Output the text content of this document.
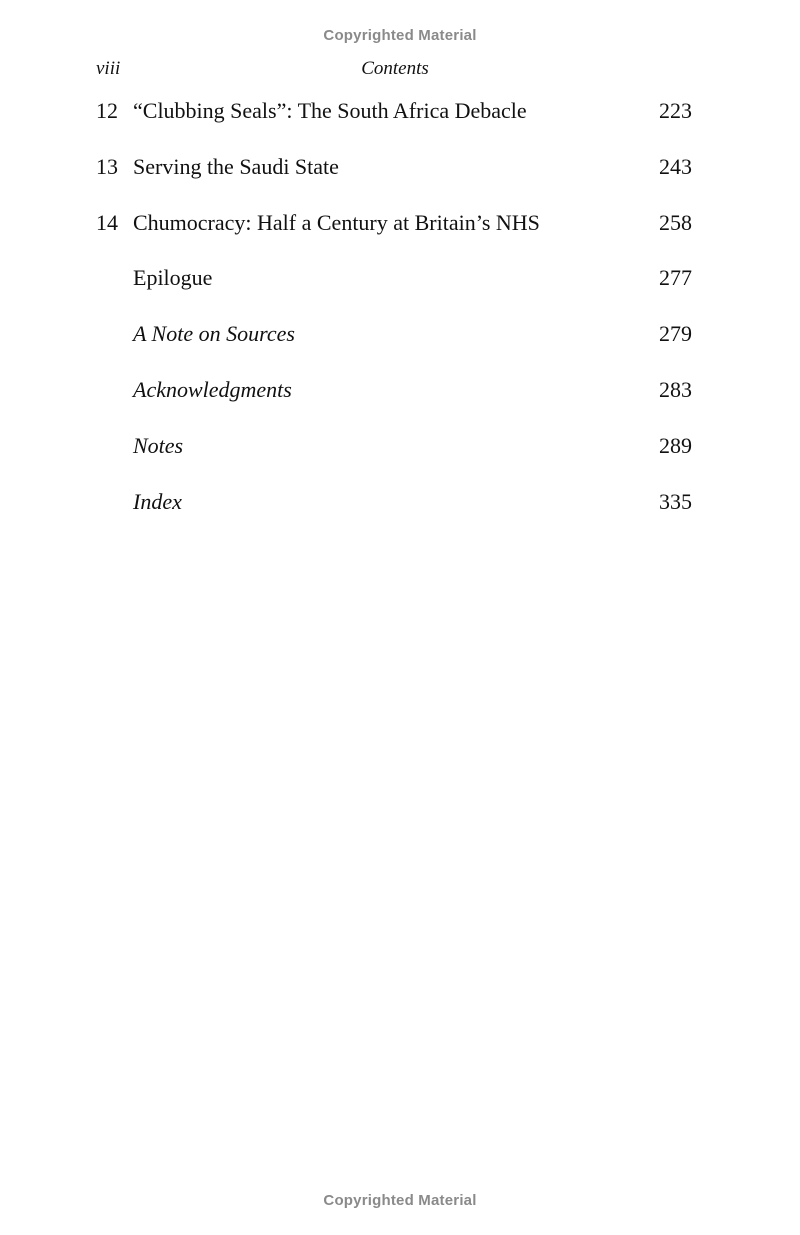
Copyrighted Material
viii	Contents
12 “Clubbing Seals”: The South Africa Debacle	223
13 Serving the Saudi State	243
14 Chumocracy: Half a Century at Britain’s NHS	258
Epilogue	277
A Note on Sources	279
Acknowledgments	283
Notes	289
Index	335
Copyrighted Material
